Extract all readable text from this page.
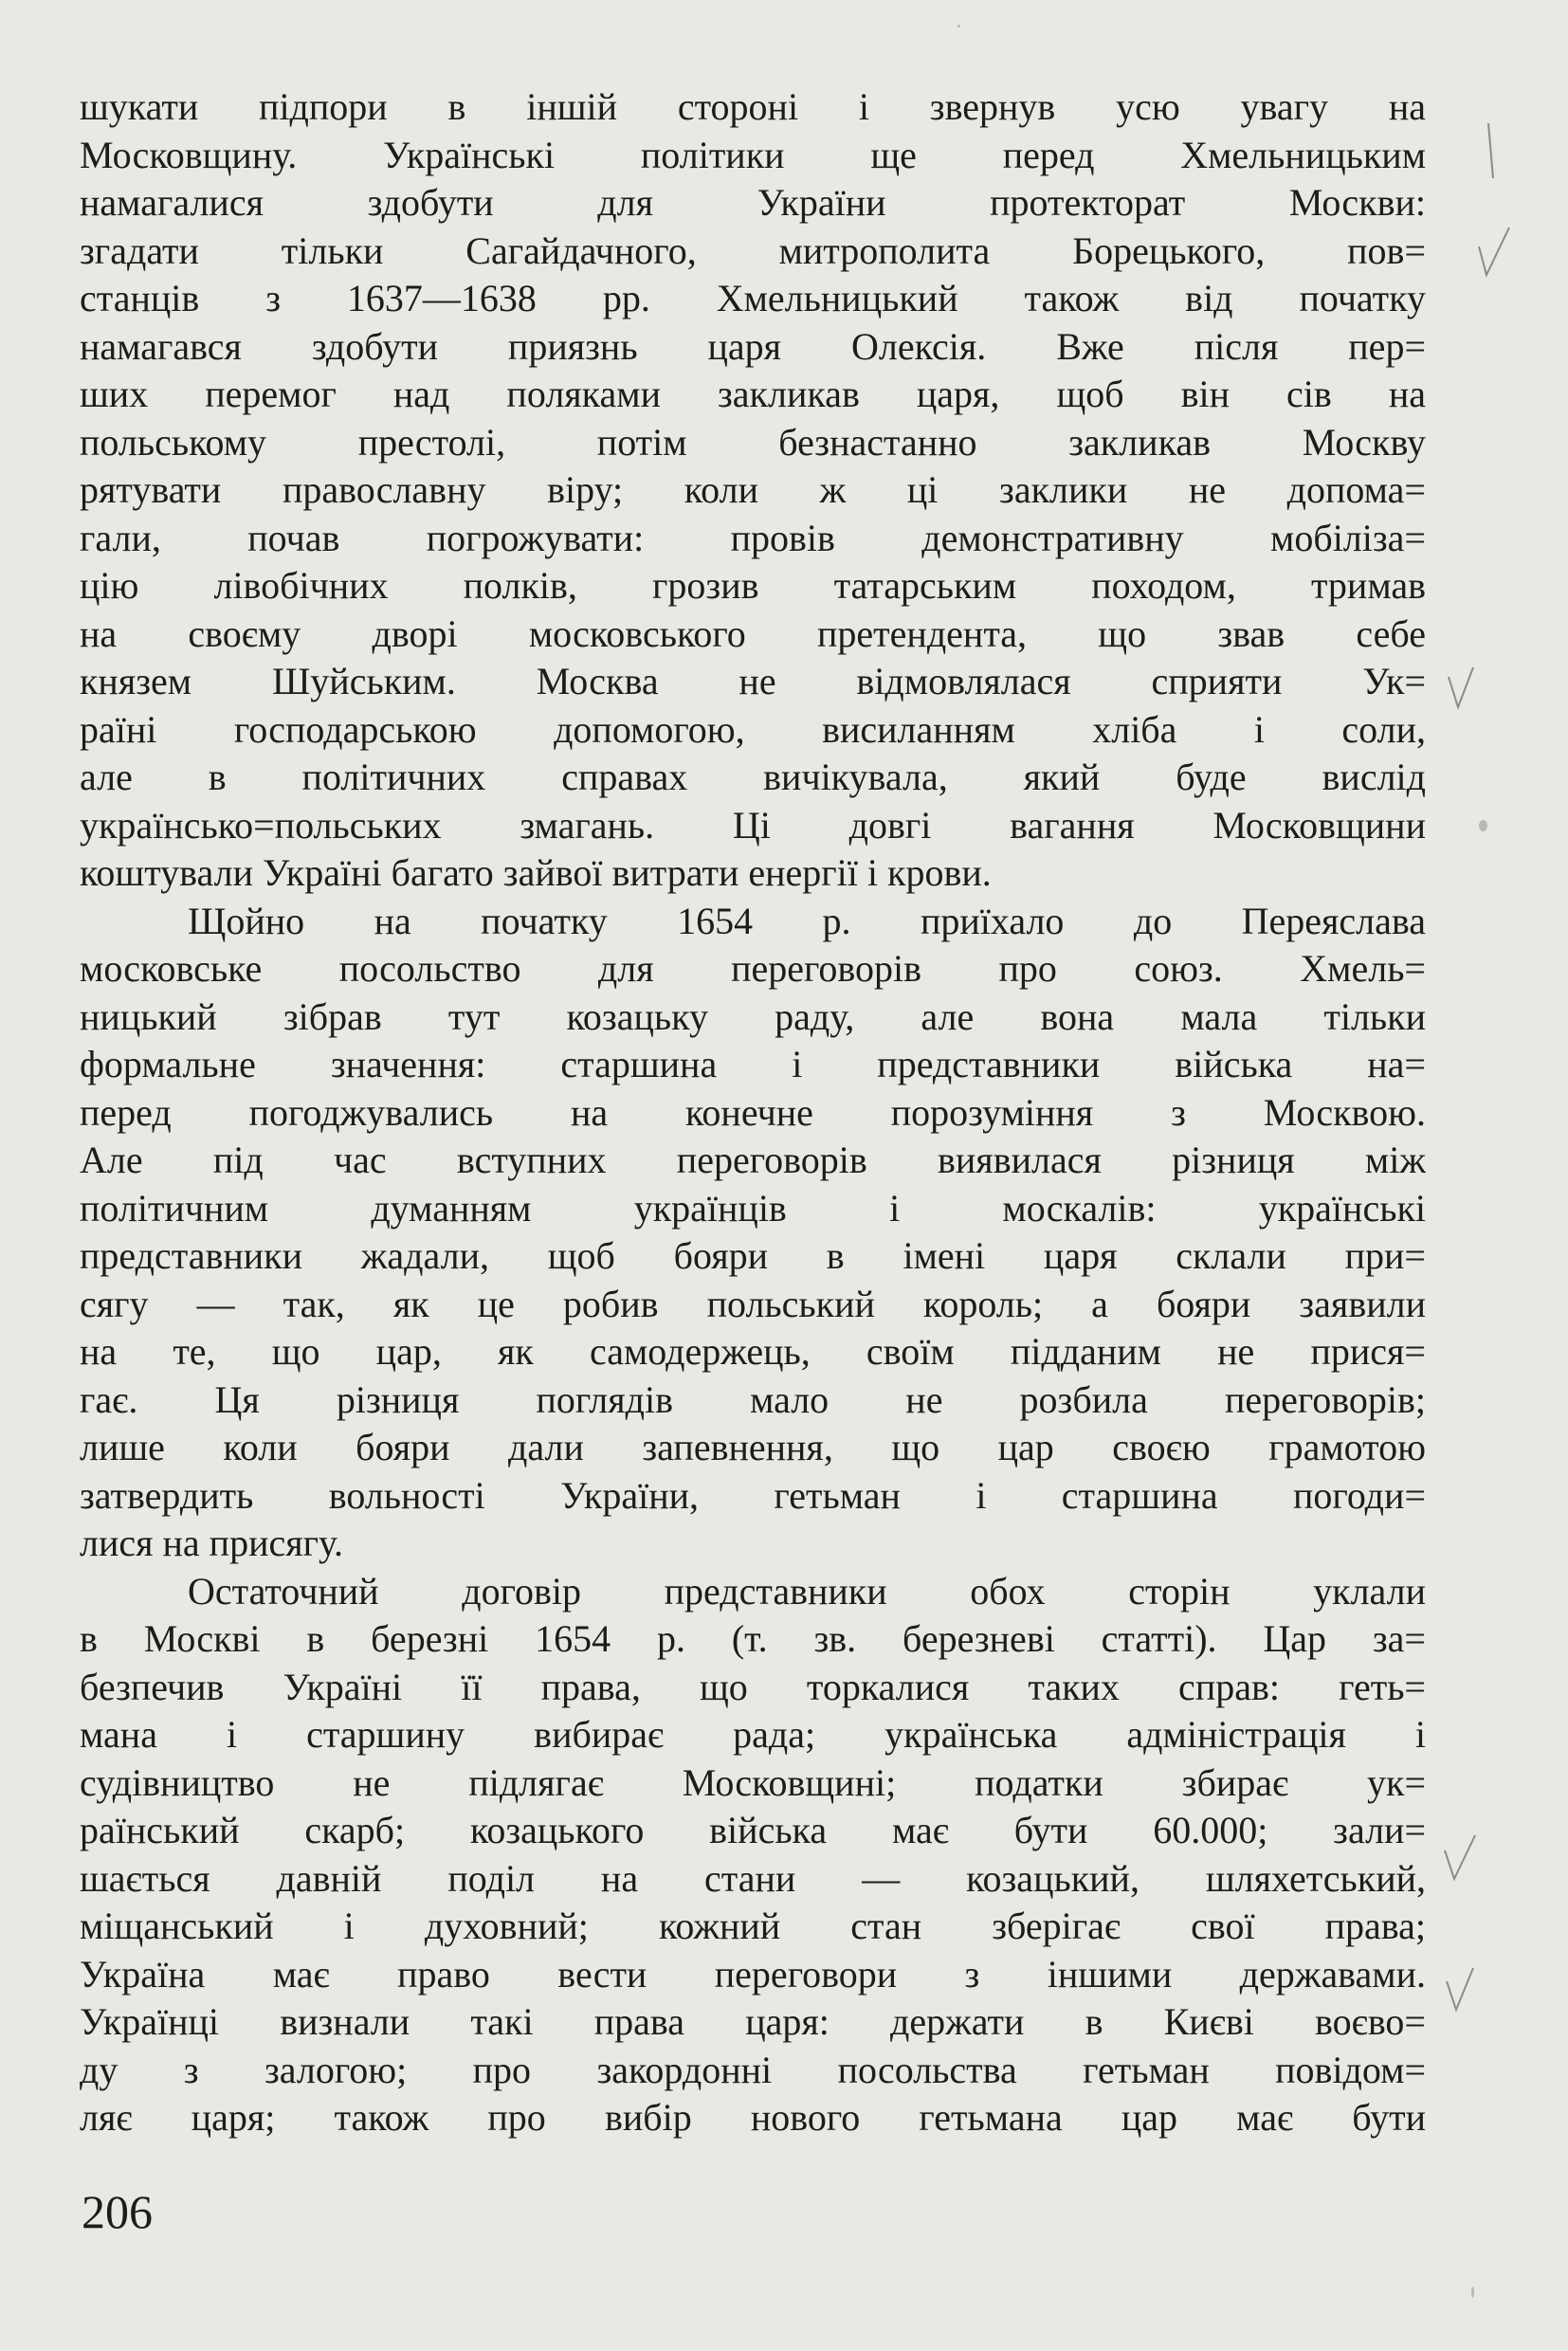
шукати підпори в іншій стороні і звернув усю увагу на
Московщину. Українські політики ще перед Хмельницьким
намагалися здобути для України протекторат Москви:
згадати тільки Сагайдачного, митрополита Борецького, пов=
станців з 1637—1638 рр. Хмельницький також від початку
намагався здобути приязнь царя Олексія. Вже після пер=
ших перемог над поляками закликав царя, щоб він сів на
польському престолі, потім безнастанно закликав Москву
рятувати православну віру; коли ж ці заклики не допома=
гали, почав погрожувати: провів демонстративну мобіліза=
цію лівобічних полків, грозив татарським походом, тримав
на своєму дворі московського претендента, що звав себе
князем Шуйським. Москва не відмовлялася сприяти Ук=
раїні господарською допомогою, висиланням хліба і соли,
але в політичних справах вичікувала, який буде вислід
українсько=польських змагань. Ці довгі вагання Московщини
коштували Україні багато зайвої витрати енергії і крови.
Щойно на початку 1654 р. приїхало до Переяслава
московське посольство для переговорів про союз. Хмель=
ницький зібрав тут козацьку раду, але вона мала тільки
формальне значення: старшина і представники війська на=
перед погоджувались на конечне порозуміння з Москвою.
Але під час вступних переговорів виявилася різниця між
політичним думанням українців і москалів: українські
представники жадали, щоб бояри в імені царя склали при=
сягу — так, як це робив польський король; а бояри заявили
на те, що цар, як самодержець, своїм підданим не прися=
гає. Ця різниця поглядів мало не розбила переговорів;
лише коли бояри дали запевнення, що цар своєю грамотою
затвердить вольності України, гетьман і старшина погоди=
лися на присягу.
Остаточний договір представники обох сторін уклали
в Москві в березні 1654 р. (т. зв. березневі статті). Цар за=
безпечив Україні її права, що торкалися таких справ: геть=
мана і старшину вибирає рада; українська адміністрація і
судівництво не підлягає Московщині; податки збирає ук=
раїнський скарб; козацького війська має бути 60.000; зали=
шається давній поділ на стани — козацький, шляхетський,
міщанський і духовний; кожний стан зберігає свої права;
Україна має право вести переговори з іншими державами.
Українці визнали такі права царя: держати в Києві воєво=
ду з залогою; про закордонні посольства гетьман повідом=
ляє царя; також про вибір нового гетьмана цар має бути
206
